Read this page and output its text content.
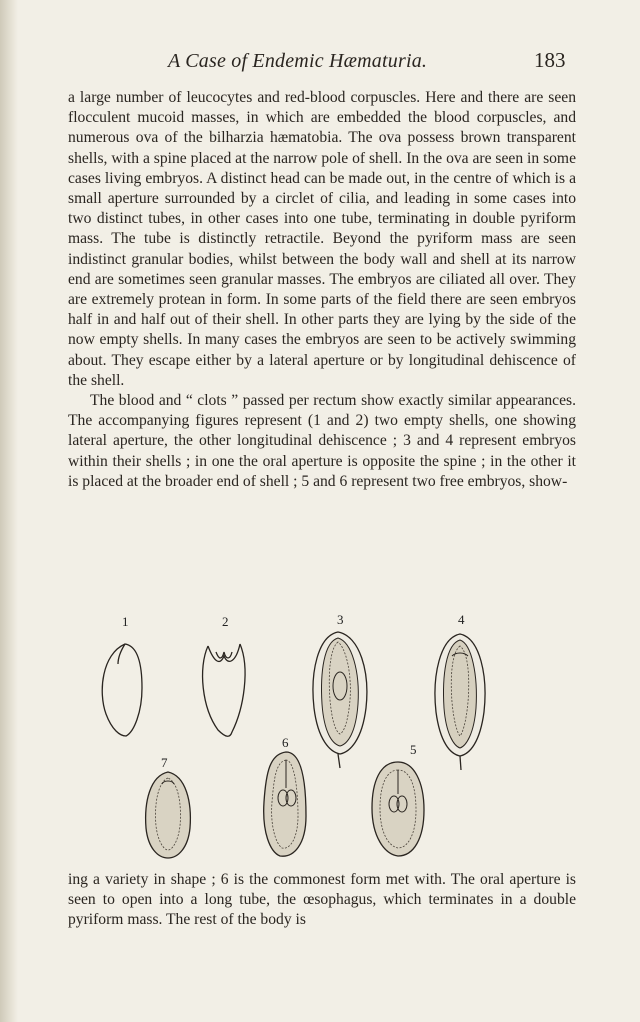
A Case of Endemic Hæmaturia.	183

a large number of leucocytes and red-blood corpuscles. Here and there are seen flocculent mucoid masses, in which are embedded the blood corpuscles, and numerous ova of the bilharzia hæmatobia. The ova possess brown transparent shells, with a spine placed at the narrow pole of shell. In the ova are seen in some cases living embryos. A distinct head can be made out, in the centre of which is a small aperture surrounded by a circlet of cilia, and leading in some cases into two distinct tubes, in other cases into one tube, terminating in double pyriform mass. The tube is distinctly retractile. Beyond the pyriform mass are seen indistinct granular bodies, whilst between the body wall and shell at its narrow end are sometimes seen granular masses. The embryos are ciliated all over. They are extremely protean in form. In some parts of the field there are seen embryos half in and half out of their shell. In other parts they are lying by the side of the now empty shells. In many cases the embryos are seen to be actively swimming about. They escape either by a lateral aperture or by longitudinal dehiscence of the shell.

The blood and “ clots ” passed per rectum show exactly similar appearances. The accompanying figures represent (1 and 2) two empty shells, one showing lateral aperture, the other longitudinal dehiscence ; 3 and 4 represent embryos within their shells ; in one the oral aperture is opposite the spine ; in the other it is placed at the broader end of shell ; 5 and 6 represent two free embryos, show-

1	2	3	4
5
6
7

ing a variety in shape ; 6 is the commonest form met with. The oral aperture is seen to open into a long tube, the œsophagus, which terminates in a double pyriform mass. The rest of the body is
